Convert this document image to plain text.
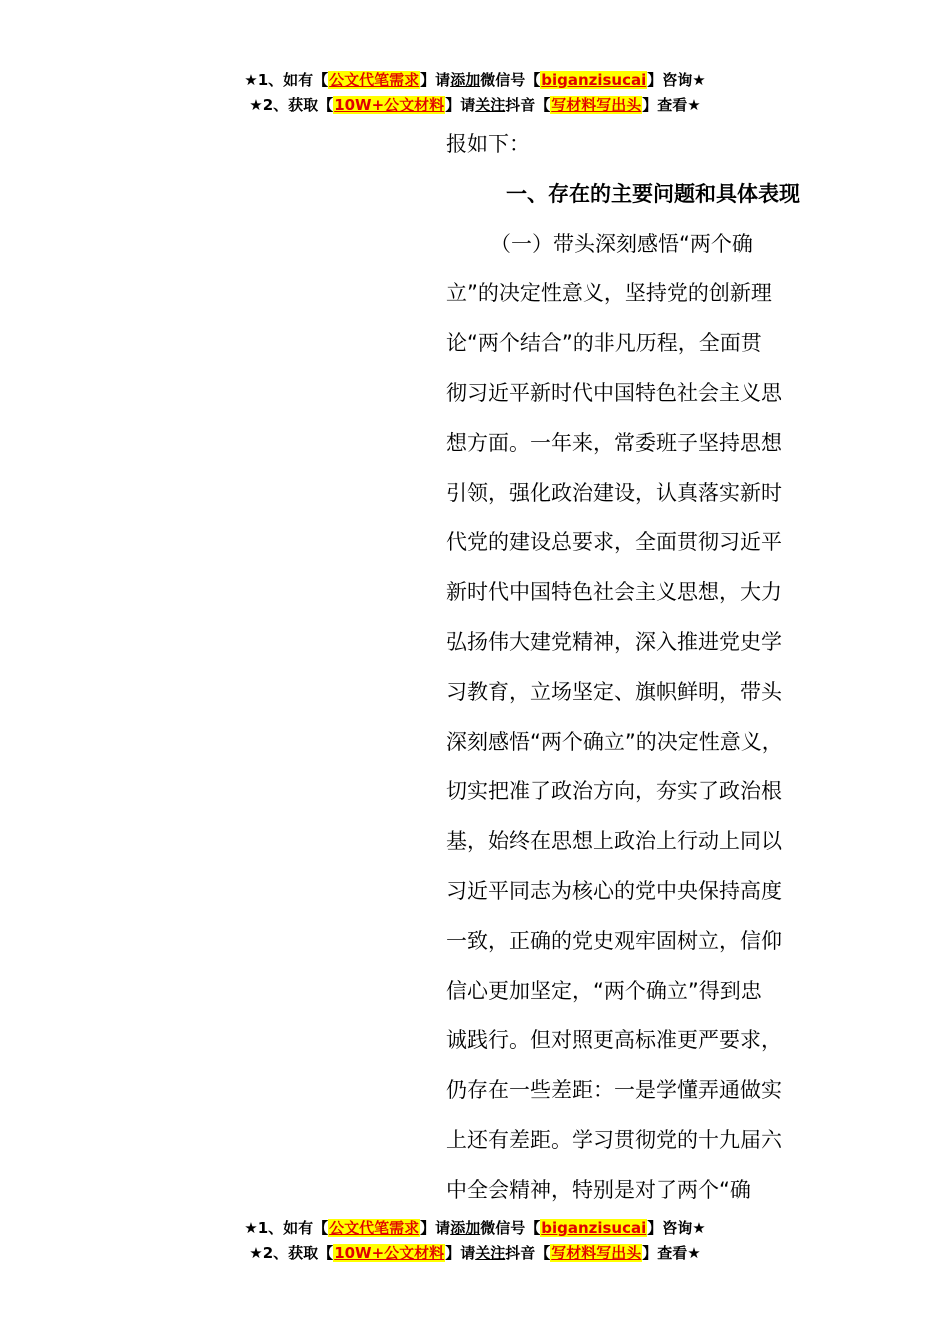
★1、如有【公文代笔需求】请添加微信号【biganzisucai】咨询★
★2、获取【10W+公文材料】请关注抖音【写材料写出头】查看★
报如下：
一、存在的主要问题和具体表现
（一）带头深刻感悟“两个确
立”的决定性意义，坚持党的创新理
论“两个结合”的非凡历程，全面贯
彻习近平新时代中国特色社会主义思
想方面。一年来，常委班子坚持思想
引领，强化政治建设，认真落实新时
代党的建设总要求，全面贯彻习近平
新时代中国特色社会主义思想，大力
弘扬伟大建党精神，深入推进党史学
习教育，立场坚定、旗帜鲜明，带头
深刻感悟“两个确立”的决定性意义，
切实把准了政治方向，夯实了政治根
基，始终在思想上政治上行动上同以
习近平同志为核心的党中央保持高度
一致，正确的党史观牢固树立，信仰
信心更加坚定，“两个确立”得到忠
诚践行。但对照更高标准更严要求，
仍存在一些差距：一是学懂弄通做实
上还有差距。学习贯彻党的十九届六
中全会精神，特别是对了两个“确
★1、如有【公文代笔需求】请添加微信号【biganzisucai】咨询★
★2、获取【10W+公文材料】请关注抖音【写材料写出头】查看★
